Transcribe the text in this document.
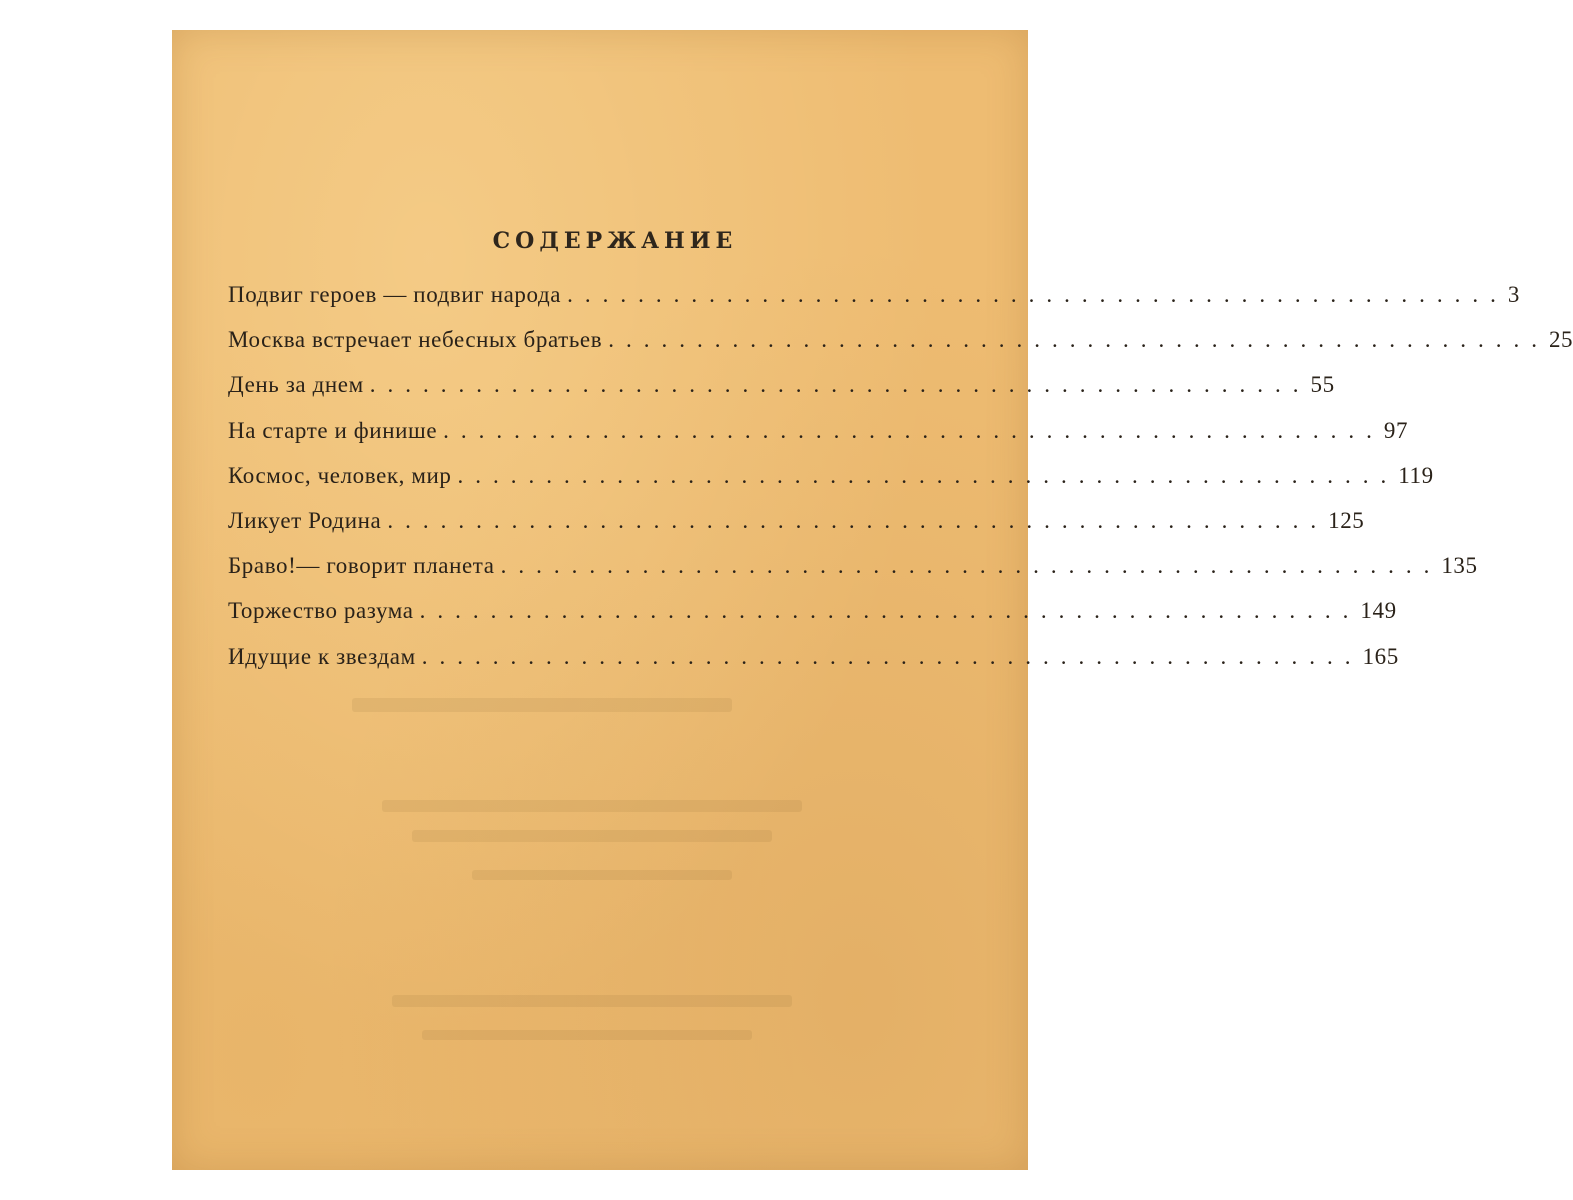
СОДЕРЖАНИЕ
Подвиг героев — подвиг народа ..................................................... 3
Москва встречает небесных братьев ..................................................... 25
День за днем ..................................................... 55
На старте и финише ..................................................... 97
Космос, человек, мир ..................................................... 119
Ликует Родина ..................................................... 125
Браво!— говорит планета ..................................................... 135
Торжество разума ..................................................... 149
Идущие к звездам ..................................................... 165
